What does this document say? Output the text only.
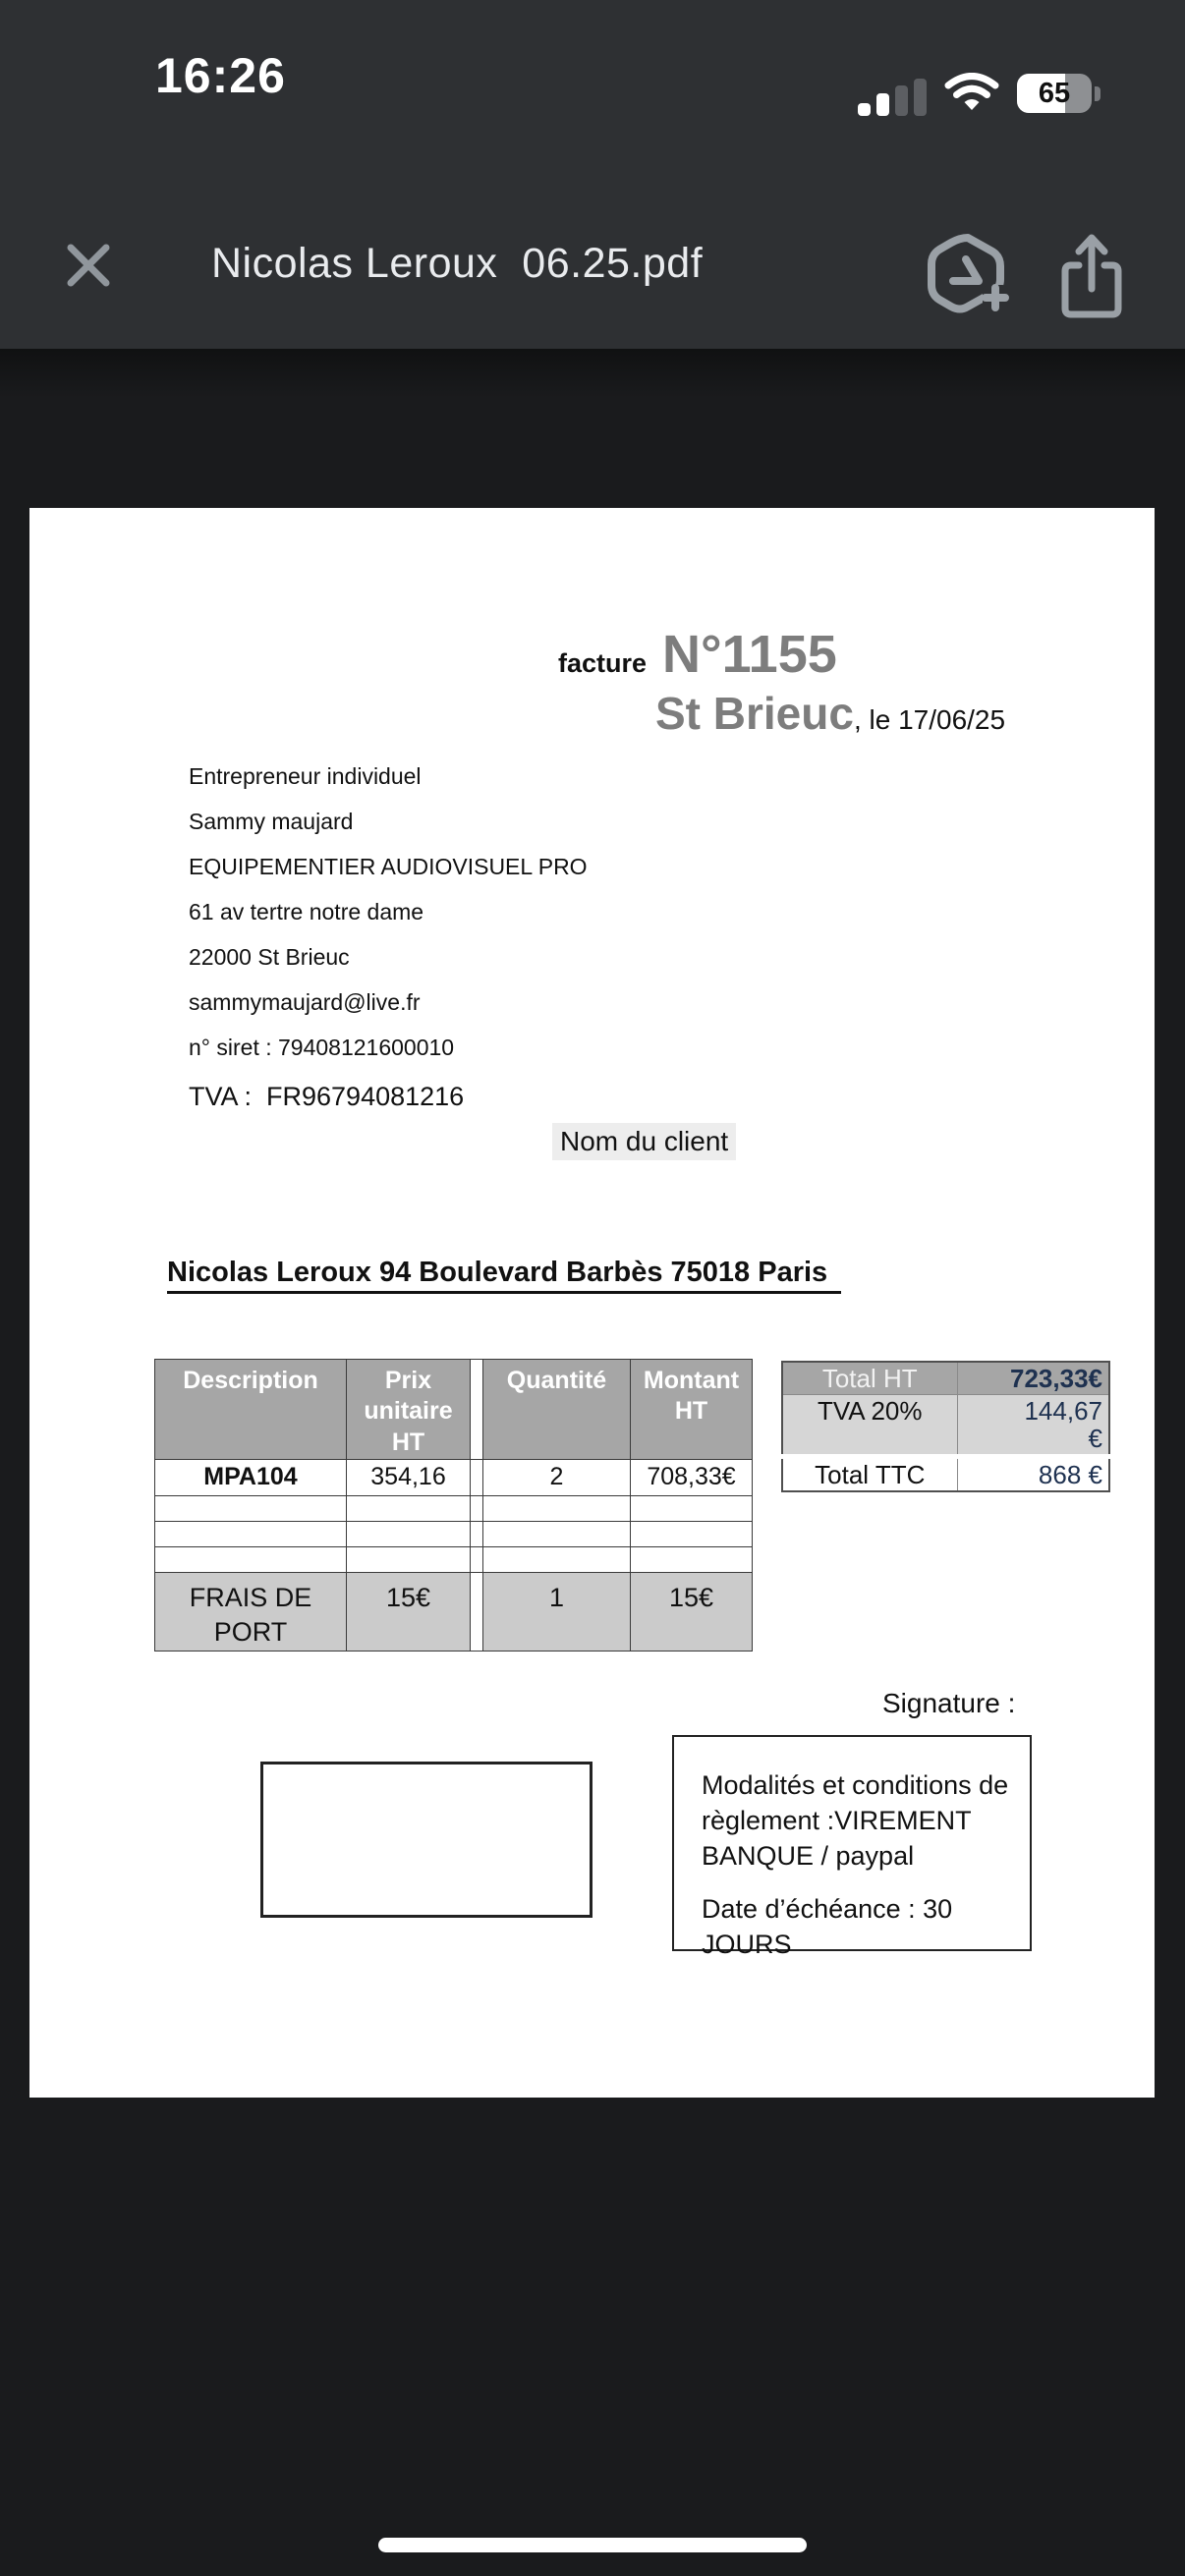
16:26	65
Nicolas Leroux  06.25.pdf
facture N°1155
St Brieuc , le 17/06/25
Entrepreneur individuel
Sammy maujard
EQUIPEMENTIER AUDIOVISUEL PRO
61 av tertre notre dame
22000 St Brieuc
sammymaujard@live.fr
n° siret : 79408121600010
TVA :  FR96794081216
Nom du client
Nicolas Leroux 94 Boulevard Barbès 75018 Paris
Description	Prix unitaire HT		Quantité	Montant HT
MPA104	354,16		2	708,33€

FRAIS DE PORT	15€		1	15€
Total HT	723,33€
TVA 20%	144,67 €
Total TTC	868 €
Signature :

Modalités et conditions de règlement :VIREMENT BANQUE / paypal

Date d’échéance : 30 JOURS
